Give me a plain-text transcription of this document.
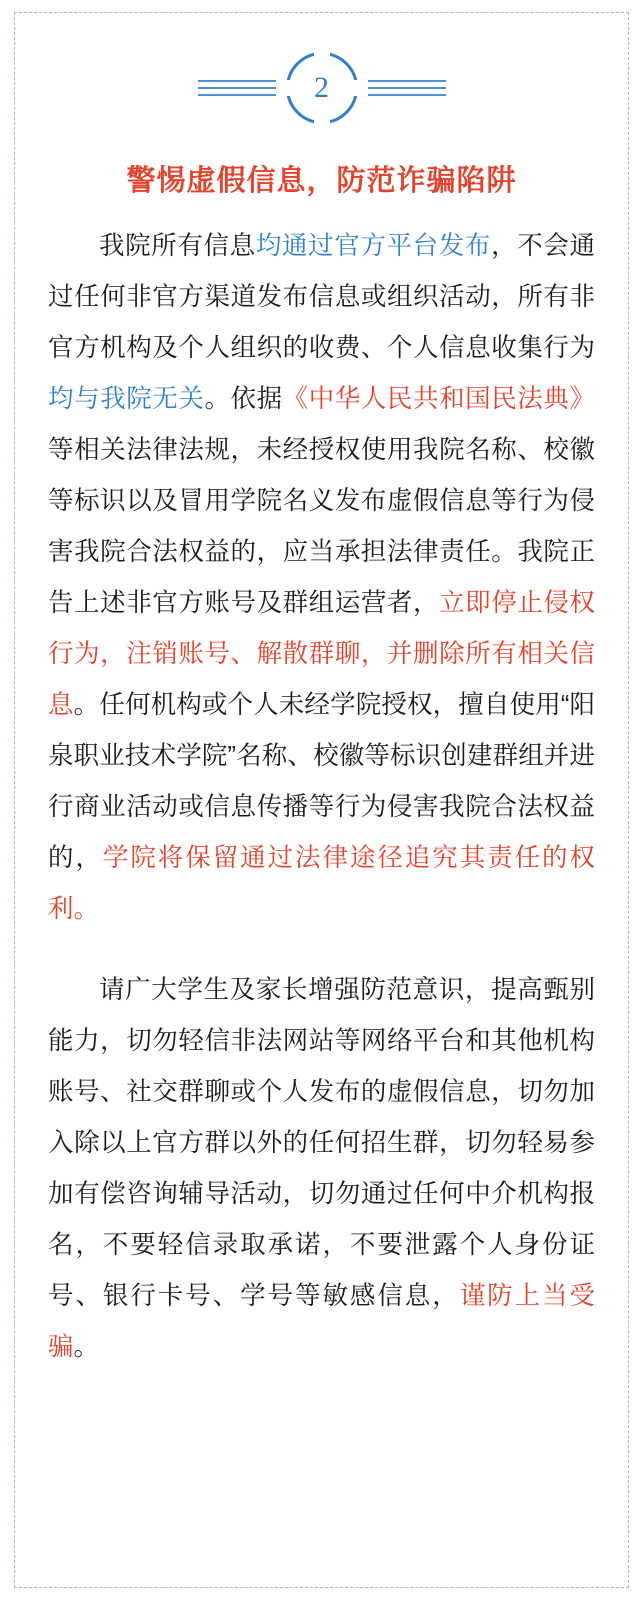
2
警惕虚假信息，防范诈骗陷阱

我院所有信息均通过官方平台发布，不会通过任何非官方渠道发布信息或组织活动，所有非官方机构及个人组织的收费、个人信息收集行为均与我院无关。依据《中华人民共和国民法典》等相关法律法规，未经授权使用我院名称、校徽等标识以及冒用学院名义发布虚假信息等行为侵害我院合法权益的，应当承担法律责任。我院正告上述非官方账号及群组运营者，立即停止侵权行为，注销账号、解散群聊，并删除所有相关信息。任何机构或个人未经学院授权，擅自使用“阳泉职业技术学院”名称、校徽等标识创建群组并进行商业活动或信息传播等行为侵害我院合法权益的，学院将保留通过法律途径追究其责任的权利。

请广大学生及家长增强防范意识，提高甄别能力，切勿轻信非法网站等网络平台和其他机构账号、社交群聊或个人发布的虚假信息，切勿加入除以上官方群以外的任何招生群，切勿轻易参加有偿咨询辅导活动，切勿通过任何中介机构报名，不要轻信录取承诺，不要泄露个人身份证号、银行卡号、学号等敏感信息，谨防上当受骗。
